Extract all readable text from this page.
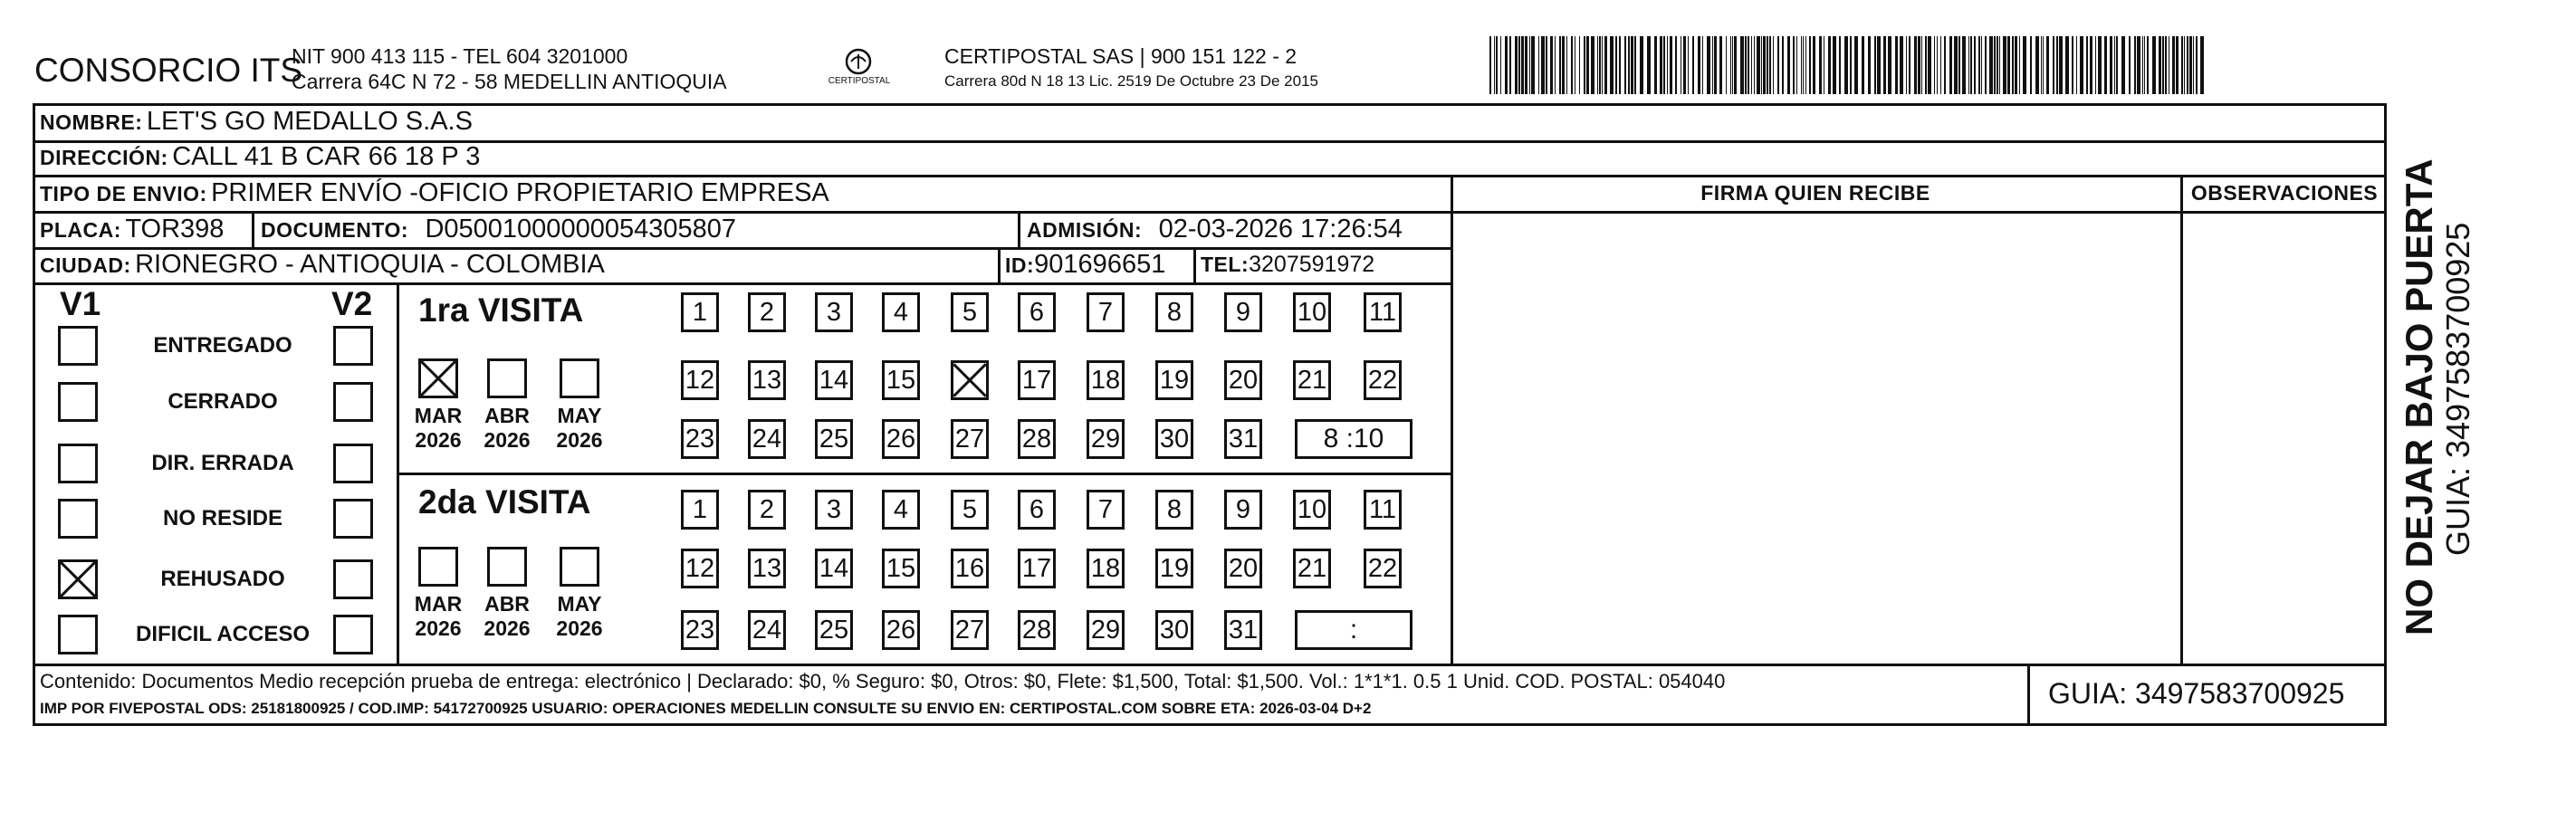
CONSORCIO ITS
NIT 900 413 115 - TEL 604 3201000
Carrera 64C N 72 - 58 MEDELLIN ANTIOQUIA	CERTIPOSTAL
CERTIPOSTAL SAS | 900 151 122 - 2
Carrera 80d N 18 13 Lic. 2519 De Octubre 23 De 2015
NOMBRE: LET'S GO MEDALLO S.A.S
DIRECCIÓN: CALL 41 B CAR 66 18 P 3
TIPO DE ENVIO: PRIMER ENVÍO -OFICIO PROPIETARIO EMPRESA
PLACA: TOR398 DOCUMENTO: D05001000000054305807	ADMISIÓN: 02-03-2026 17:26:54
CIUDAD: RIONEGRO - ANTIOQUIA - COLOMBIA	ID:901696651 TEL:3207591972
FIRMA QUIEN RECIBE	OBSERVACIONES
V1	V2
ENTREGADO
CERRADO
DIR. ERRADA
NO RESIDE
REHUSADO
DIFICIL ACCESO
1ra VISITA
MAR
2026
ABR
2026
MAY
2026
1	2	3	4	5	6	7	8	9	10 11
12 13 14 15	17 18 19 20 21 22
23 24 25 26 27 28 29 30 31	8 :10
2da VISITA
MAR
2026
ABR
2026
MAY
2026
1	2	3	4	5	6	7	8	9	10 11
12 13 14 15 16 17 18 19 20 21 22
23 24 25 26 27 28 29 30 31	:
Contenido: Documentos Medio recepción prueba de entrega: electrónico | Declarado: $0, % Seguro: $0, Otros: $0, Flete: $1,500, Total: $1,500. Vol.: 1*1*1. 0.5 1 Unid. COD. POSTAL: 054040
IMP POR FIVEPOSTAL ODS: 25181800925 / COD.IMP: 54172700925 USUARIO: OPERACIONES MEDELLIN CONSULTE SU ENVIO EN: CERTIPOSTAL.COM SOBRE ETA: 2026-03-04 D+2	GUIA: 3497583700925
NO DEJAR BAJO PUERTA GUIA: 3497583700925
